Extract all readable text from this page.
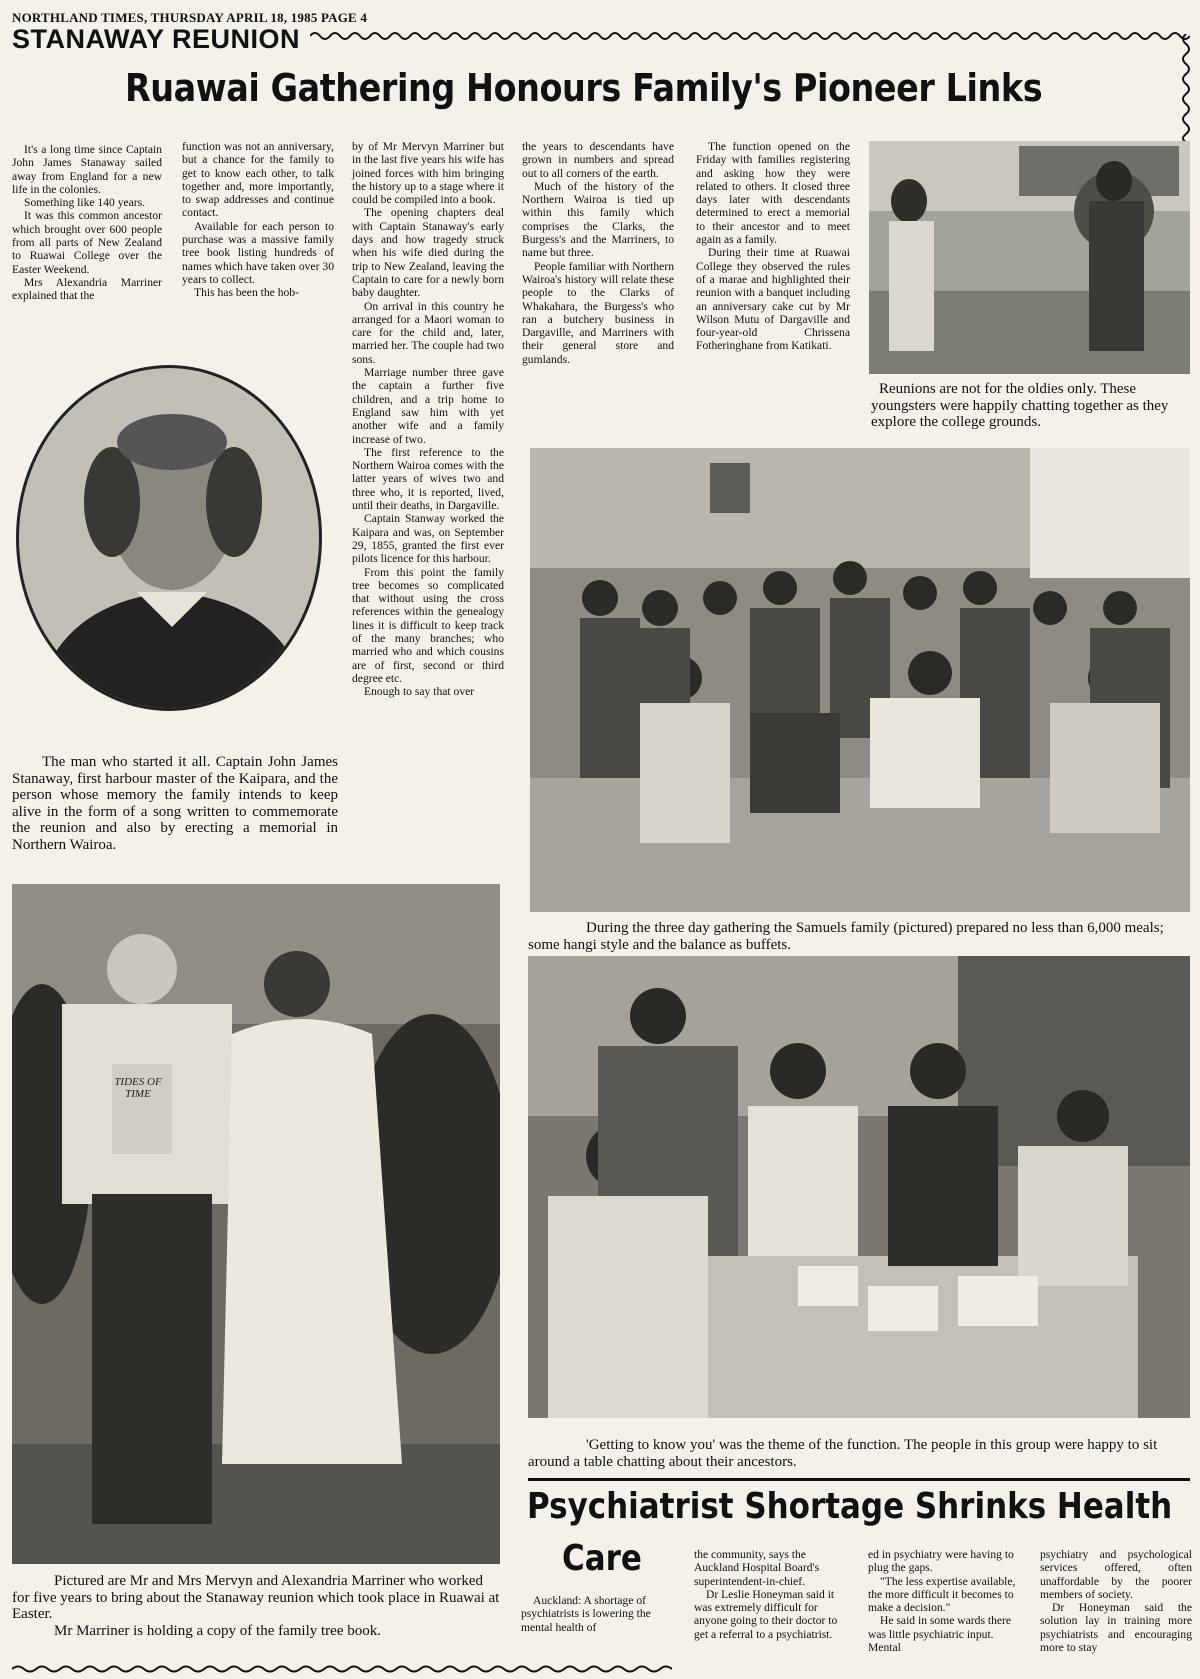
NORTHLAND TIMES, THURSDAY APRIL 18, 1985 PAGE 4
STANAWAY REUNION
Ruawai Gathering Honours Family's Pioneer Links

It's a long time since Captain John James Stanaway sailed away from England for a new life in the colonies.

Something like 140 years.

It was this common ancestor which brought over 600 people from all parts of New Zealand to Ruawai College over the Easter Weekend.

Mrs Alexandria Marriner explained that the

function was not an anniversary, but a chance for the family to get to know each other, to talk together and, more importantly, to swap addresses and continue contact.

Available for each person to purchase was a massive family tree book listing hundreds of names which have taken over 30 years to collect.

This has been the hob-

by of Mr Mervyn Marriner but in the last five years his wife has joined forces with him bringing the history up to a stage where it could be compiled into a book.

The opening chapters deal with Captain Stanaway's early days and how tragedy struck when his wife died during the trip to New Zealand, leaving the Captain to care for a newly born baby daughter.

On arrival in this country he arranged for a Maori woman to care for the child and, later, married her. The couple had two sons.

Marriage number three gave the captain a further five children, and a trip home to England saw him with yet another wife and a family increase of two.

The first reference to the Northern Wairoa comes with the latter years of wives two and three who, it is reported, lived, until their deaths, in Dargaville.

Captain Stanway worked the Kaipara and was, on September 29, 1855, granted the first ever pilots licence for this harbour.

From this point the family tree becomes so complicated that without using the cross references within the genealogy lines it is difficult to keep track of the many branches; who married who and which cousins are of first, second or third degree etc.

Enough to say that over

the years to descendants have grown in numbers and spread out to all corners of the earth.

Much of the history of the Northern Wairoa is tied up within this family which comprises the Clarks, the Burgess's and the Marriners, to name but three.

People familiar with Northern Wairoa's history will relate these people to the Clarks of Whakahara, the Burgess's who ran a butchery business in Dargaville, and Marriners with their general store and gumlands.

The function opened on the Friday with families registering and asking how they were related to others. It closed three days later with descendants determined to erect a memorial to their ancestor and to meet again as a family.

During their time at Ruawai College they observed the rules of a marae and highlighted their reunion with a banquet including an anniversary cake cut by Mr Wilson Mutu of Dargaville and four-year-old Chrissena Fotheringhane from Katikati.

Reunions are not for the oldies only. These youngsters were happily chatting together as they explore the college grounds.
The man who started it all. Captain John James Stanaway, first harbour master of the Kaipara, and the person whose memory the family intends to keep alive in the form of a song written to commemorate the reunion and also by erecting a memorial in Northern Wairoa.
During the three day gathering the Samuels family (pictured) prepared no less than 6,000 meals; some hangi style and the balance as buffets.
TIDES OF TIME
Pictured are Mr and Mrs Mervyn and Alexandria Marriner who worked for five years to bring about the Stanaway reunion which took place in Ruawai at Easter.
Mr Marriner is holding a copy of the family tree book.
'Getting to know you' was the theme of the function. The people in this group were happy to sit around a table chatting about their ancestors.
Psychiatrist Shortage Shrinks Health
Care

Auckland: A shortage of psychiatrists is lowering the mental health of

the community, says the Auckland Hospital Board's superintendent-in-chief.

Dr Leslie Honeyman said it was extremely difficult for anyone going to their doctor to get a referral to a psychiatrist.

ed in psychiatry were having to plug the gaps.

"The less expertise available, the more difficult it becomes to make a decision."

He said in some wards there was little psychiatric input. Mental

psychiatry and psychological services offered, often unaffordable by the poorer members of society.

Dr Honeyman said the solution lay in training more psychiatrists and encouraging more to stay
